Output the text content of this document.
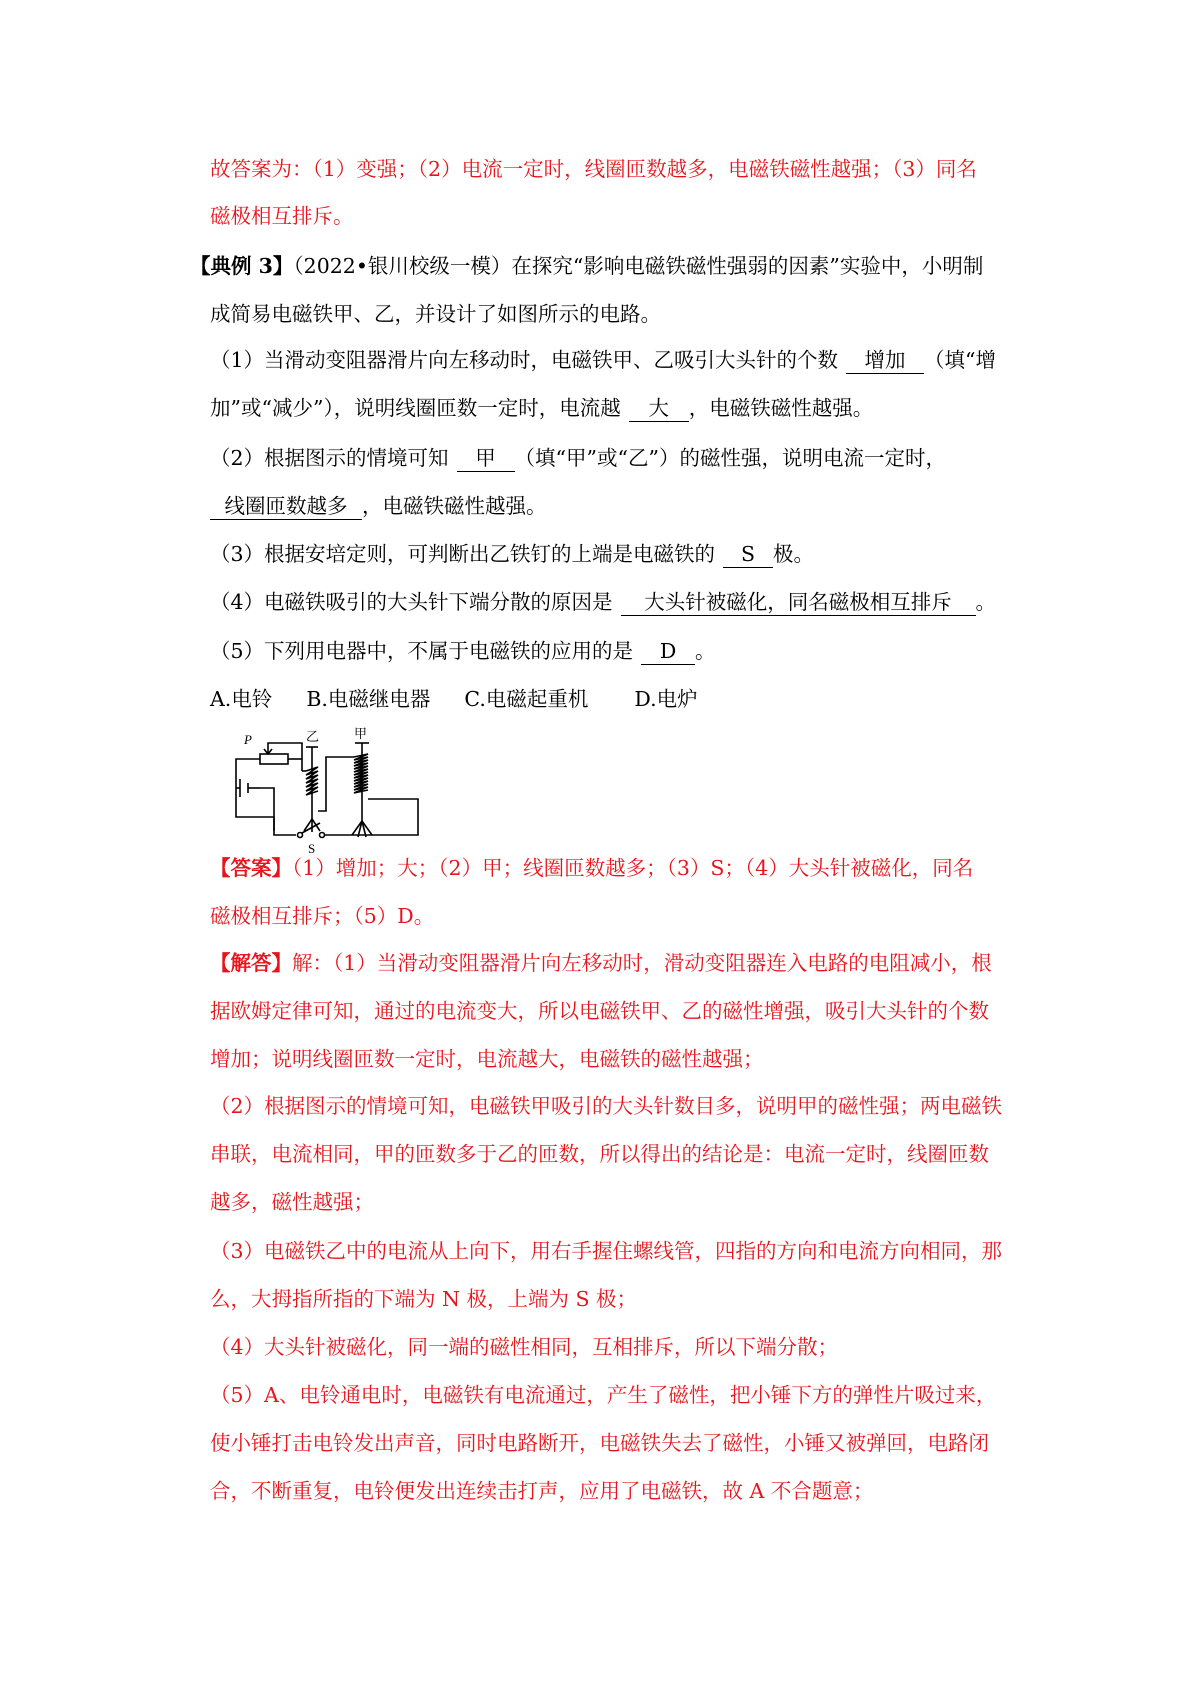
故答案为：（1）变强；（2）电流一定时，线圈匝数越多，电磁铁磁性越强；（3）同名
磁极相互排斥。
【典例 3】（2022•银川校级一模）在探究“影响电磁铁磁性强弱的因素”实验中，小明制
成简易电磁铁甲、乙，并设计了如图所示的电路。
（1）当滑动变阻器滑片向左移动时，电磁铁甲、乙吸引大头针的个数 增加 （填“增
加”或“减少”），说明线圈匝数一定时，电流越 大 ，电磁铁磁性越强。
（2）根据图示的情境可知 甲 （填“甲”或“乙”）的磁性强，说明电流一定时，
线圈匝数越多 ，电磁铁磁性越强。
（3）根据安培定则，可判断出乙铁钉的上端是电磁铁的 S 极。
（4）电磁铁吸引的大头针下端分散的原因是 大头针被磁化，同名磁极相互排斥 。
（5）下列用电器中，不属于电磁铁的应用的是 D 。
A.电铃 B.电磁继电器 C.电磁起重机 D.电炉
P	乙	甲
S
【答案】（1）增加；大；（2）甲；线圈匝数越多；（3）S；（4）大头针被磁化，同名
磁极相互排斥；（5）D。
【解答】解：（1）当滑动变阻器滑片向左移动时，滑动变阻器连入电路的电阻减小，根
据欧姆定律可知，通过的电流变大，所以电磁铁甲、乙的磁性增强，吸引大头针的个数
增加；说明线圈匝数一定时，电流越大，电磁铁的磁性越强；
（2）根据图示的情境可知，电磁铁甲吸引的大头针数目多，说明甲的磁性强；两电磁铁
串联，电流相同，甲的匝数多于乙的匝数，所以得出的结论是：电流一定时，线圈匝数
越多，磁性越强；
（3）电磁铁乙中的电流从上向下，用右手握住螺线管，四指的方向和电流方向相同，那
么，大拇指所指的下端为 N 极，上端为 S 极；
（4）大头针被磁化，同一端的磁性相同，互相排斥，所以下端分散；
（5）A、电铃通电时，电磁铁有电流通过，产生了磁性，把小锤下方的弹性片吸过来，
使小锤打击电铃发出声音，同时电路断开，电磁铁失去了磁性，小锤又被弹回，电路闭
合，不断重复，电铃便发出连续击打声，应用了电磁铁，故 A 不合题意；
